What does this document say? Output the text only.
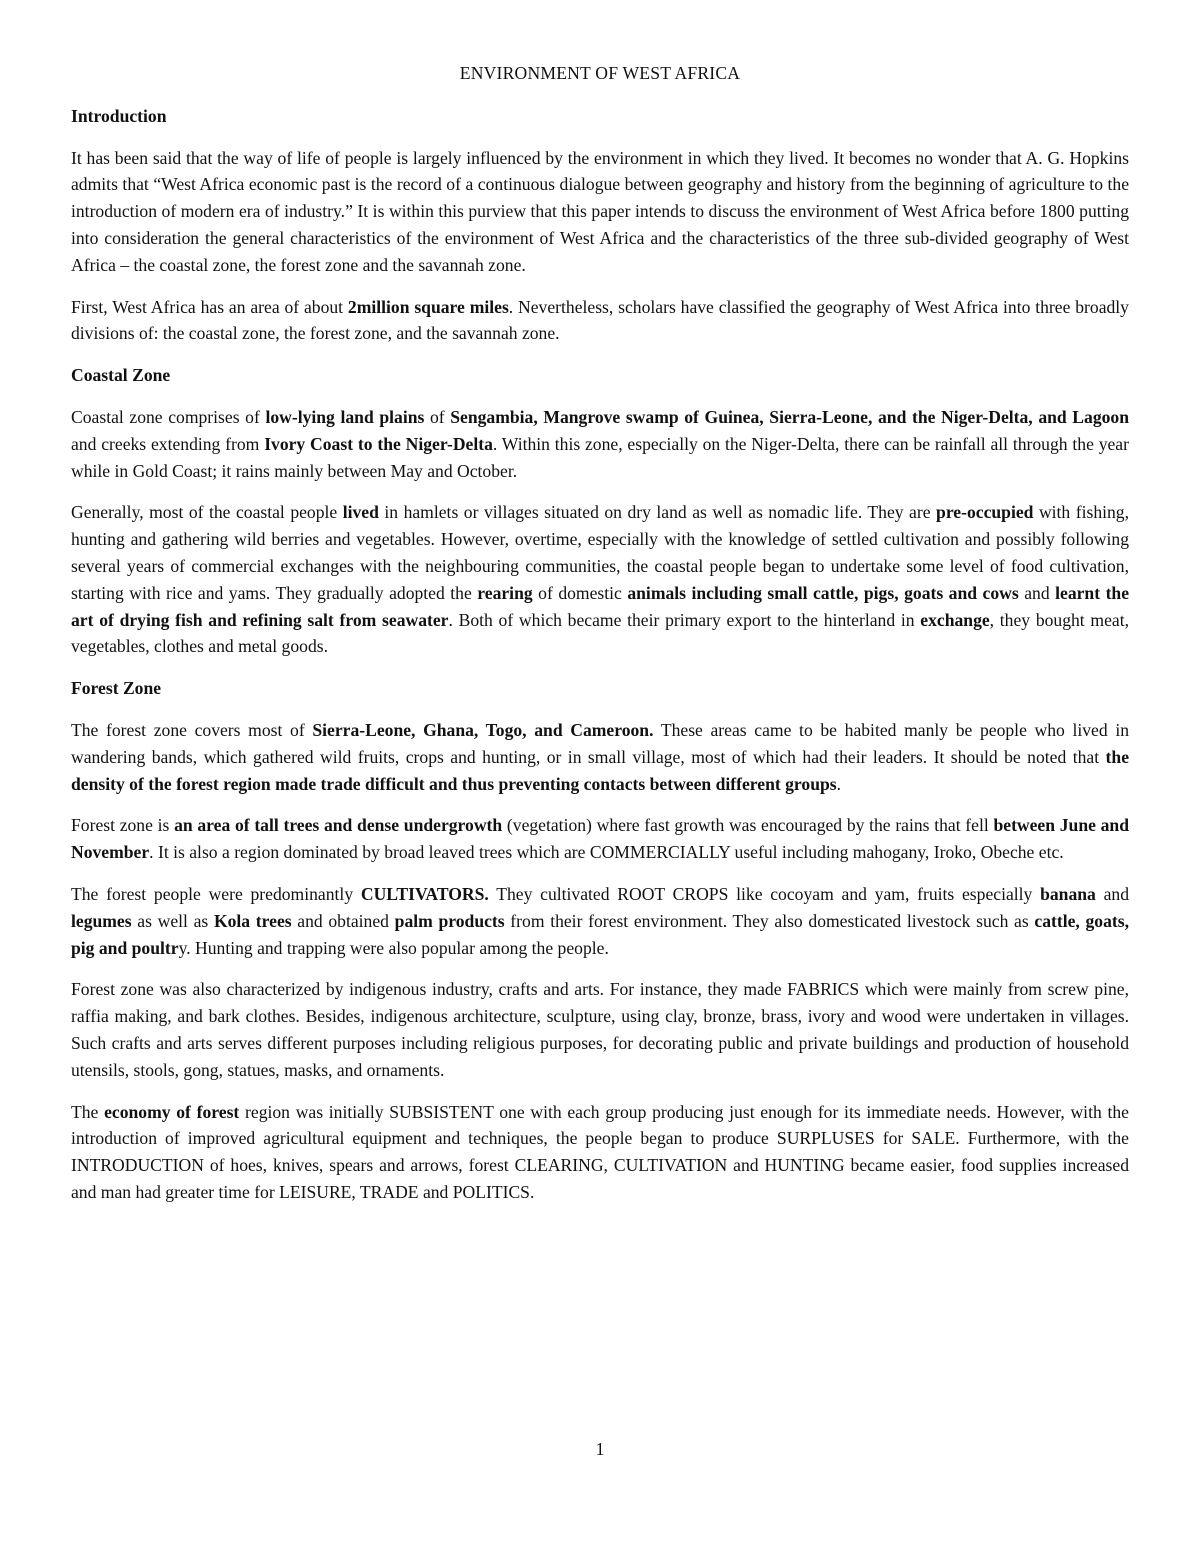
ENVIRONMENT OF WEST AFRICA
Introduction

It has been said that the way of life of people is largely influenced by the environment in which they lived. It becomes no wonder that A. G. Hopkins admits that “West Africa economic past is the record of a continuous dialogue between geography and history from the beginning of agriculture to the introduction of modern era of industry.” It is within this purview that this paper intends to discuss the environment of West Africa before 1800 putting into consideration the general characteristics of the environment of West Africa and the characteristics of the three sub-divided geography of West Africa – the coastal zone, the forest zone and the savannah zone.

First, West Africa has an area of about 2million square miles. Nevertheless, scholars have classified the geography of West Africa into three broadly divisions of: the coastal zone, the forest zone, and the savannah zone.

Coastal Zone

Coastal zone comprises of low-lying land plains of Sengambia, Mangrove swamp of Guinea, Sierra-Leone, and the Niger-Delta, and Lagoon and creeks extending from Ivory Coast to the Niger-Delta. Within this zone, especially on the Niger-Delta, there can be rainfall all through the year while in Gold Coast; it rains mainly between May and October.

Generally, most of the coastal people lived in hamlets or villages situated on dry land as well as nomadic life. They are pre-occupied with fishing, hunting and gathering wild berries and vegetables. However, overtime, especially with the knowledge of settled cultivation and possibly following several years of commercial exchanges with the neighbouring communities, the coastal people began to undertake some level of food cultivation, starting with rice and yams. They gradually adopted the rearing of domestic animals including small cattle, pigs, goats and cows and learnt the art of drying fish and refining salt from seawater. Both of which became their primary export to the hinterland in exchange, they bought meat, vegetables, clothes and metal goods.

Forest Zone

The forest zone covers most of Sierra-Leone, Ghana, Togo, and Cameroon. These areas came to be habited manly be people who lived in wandering bands, which gathered wild fruits, crops and hunting, or in small village, most of which had their leaders. It should be noted that the density of the forest region made trade difficult and thus preventing contacts between different groups.

Forest zone is an area of tall trees and dense undergrowth (vegetation) where fast growth was encouraged by the rains that fell between June and November. It is also a region dominated by broad leaved trees which are COMMERCIALLY useful including mahogany, Iroko, Obeche etc.

The forest people were predominantly CULTIVATORS. They cultivated ROOT CROPS like cocoyam and yam, fruits especially banana and legumes as well as Kola trees and obtained palm products from their forest environment. They also domesticated livestock such as cattle, goats, pig and poultry. Hunting and trapping were also popular among the people.

Forest zone was also characterized by indigenous industry, crafts and arts. For instance, they made FABRICS which were mainly from screw pine, raffia making, and bark clothes. Besides, indigenous architecture, sculpture, using clay, bronze, brass, ivory and wood were undertaken in villages. Such crafts and arts serves different purposes including religious purposes, for decorating public and private buildings and production of household utensils, stools, gong, statues, masks, and ornaments.

The economy of forest region was initially SUBSISTENT one with each group producing just enough for its immediate needs. However, with the introduction of improved agricultural equipment and techniques, the people began to produce SURPLUSES for SALE. Furthermore, with the INTRODUCTION of hoes, knives, spears and arrows, forest CLEARING, CULTIVATION and HUNTING became easier, food supplies increased and man had greater time for LEISURE, TRADE and POLITICS.

1
